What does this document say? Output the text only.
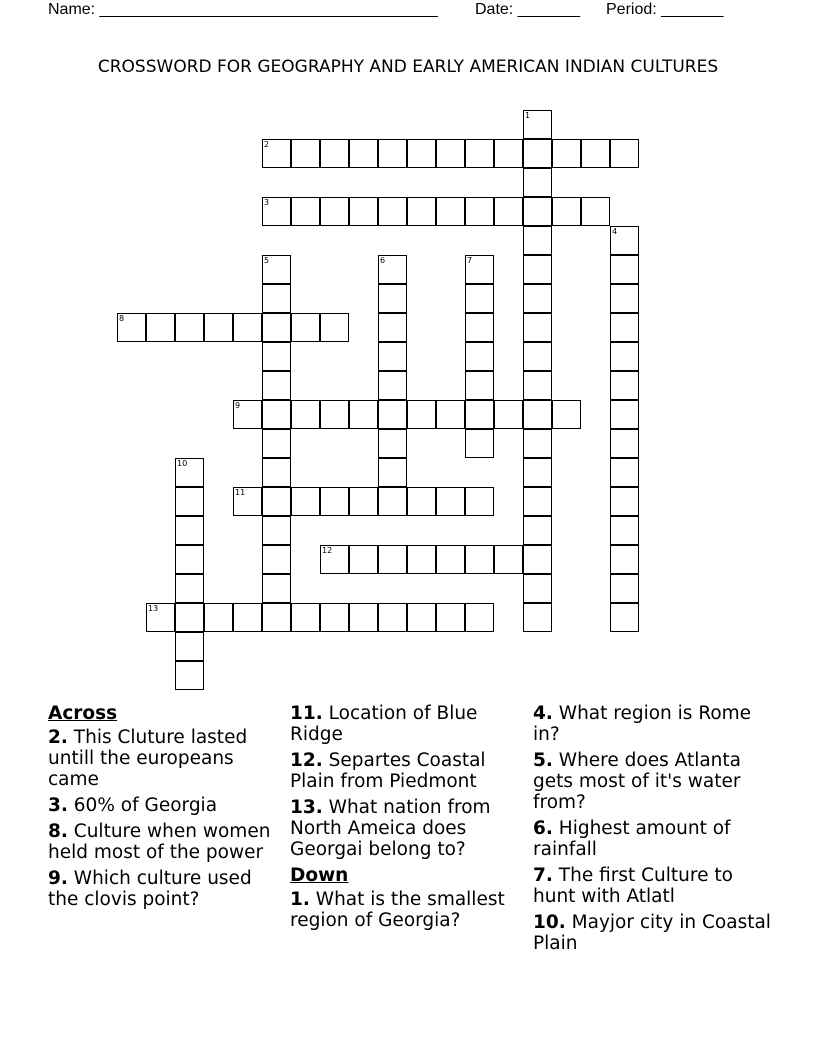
Name: ______________________________________ Date: _______ Period: _______
CROSSWORD FOR GEOGRAPHY AND EARLY AMERICAN INDIAN CULTURES
1
2
3
4
5	6	7
8
9
10
11
12
13
Across
2. This Cluture lasted untill the europeans came
3. 60% of Georgia
8. Culture when women held most of the power
9. Which culture used the clovis point?
11. Location of Blue Ridge
12. Separtes Coastal Plain from Piedmont
13. What nation from North Ameica does Georgai belong to?
Down
1. What is the smallest region of Georgia?
4. What region is Rome in?
5. Where does Atlanta gets most of it's water from?
6. Highest amount of rainfall
7. The first Culture to hunt with Atlatl
10. Mayjor city in Coastal Plain
